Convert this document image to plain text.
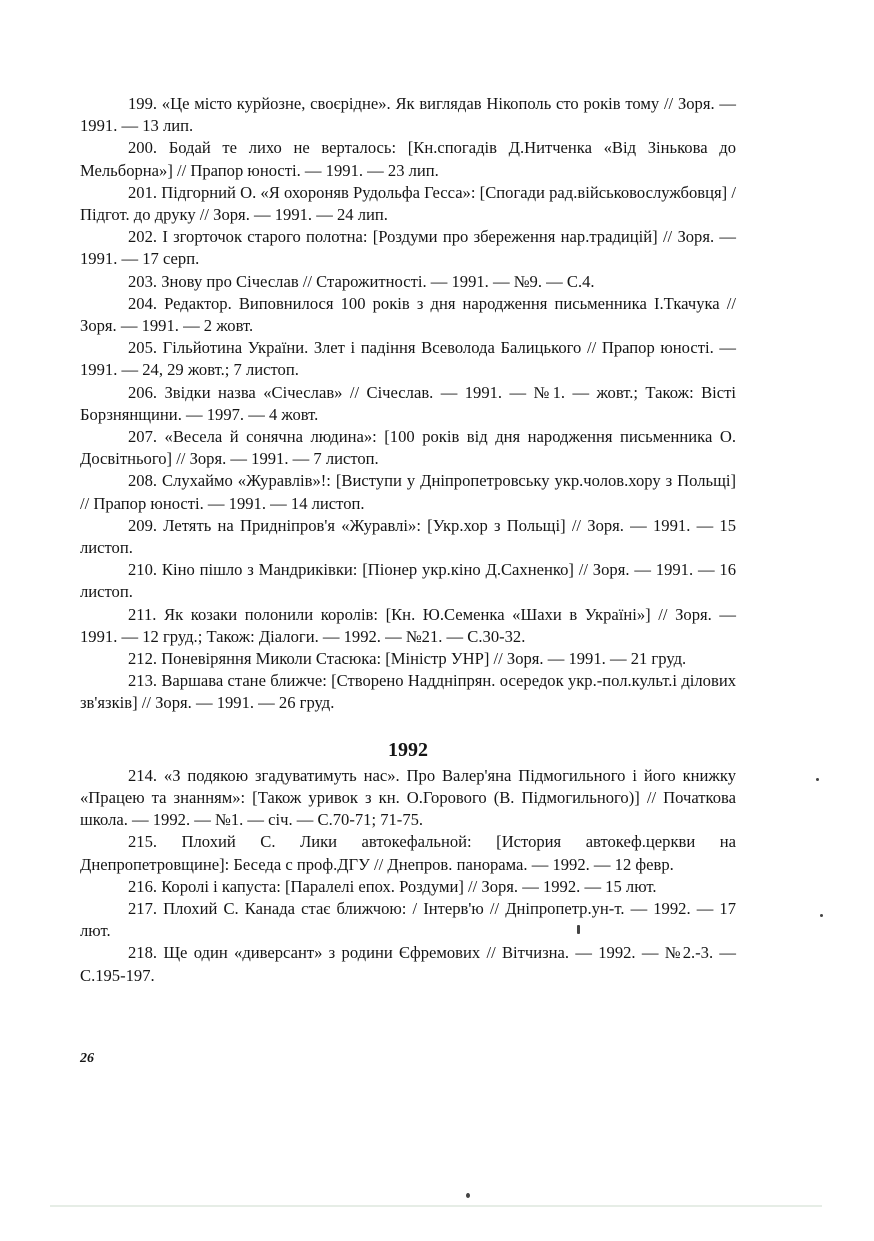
199. «Це місто курйозне, своєрідне». Як виглядав Нікополь сто років тому // Зоря. — 1991. — 13 лип.

200. Бодай те лихо не верталось: [Кн.спогадів Д.Нитченка «Від Зінькова до Мельборна»] // Прапор юності. — 1991. — 23 лип.

201. Підгорний О. «Я охороняв Рудольфа Гесса»: [Спогади рад.військовослужбовця] / Підгот. до друку // Зоря. — 1991. — 24 лип.

202. І згорточок старого полотна: [Роздуми про збереження нар.традицій] // Зоря. — 1991. — 17 серп.

203. Знову про Січеслав // Старожитності. — 1991. — №9. — С.4.

204. Редактор. Виповнилося 100 років з дня народження письменника І.Ткачука // Зоря. — 1991. — 2 жовт.

205. Гільйотина України. Злет і падіння Всеволода Балицького // Прапор юності. — 1991. — 24, 29 жовт.; 7 листоп.

206. Звідки назва «Січеслав» // Січеслав. — 1991. — №1. — жовт.; Також: Вісті Борзнянщини. — 1997. — 4 жовт.

207. «Весела й сонячна людина»: [100 років від дня народження письменника О. Досвітнього] // Зоря. — 1991. — 7 листоп.

208. Слухаймо «Журавлів»!: [Виступи у Дніпропетровську укр.чолов.хору з Польщі] // Прапор юності. — 1991. — 14 листоп.

209. Летять на Придніпров'я «Журавлі»: [Укр.хор з Польщі] // Зоря. — 1991. — 15 листоп.

210. Кіно пішло з Мандриківки: [Піонер укр.кіно Д.Сахненко] // Зоря. — 1991. — 16 листоп.

211. Як козаки полонили королів: [Кн. Ю.Семенка «Шахи в Україні»] // Зоря. — 1991. — 12 груд.; Також: Діалоги. — 1992. — №21. — С.30-32.

212. Поневіряння Миколи Стасюка: [Міністр УНР] // Зоря. — 1991. — 21 груд.

213. Варшава стане ближче: [Створено Наддніпрян. осередок укр.-пол.культ.і ділових зв'язків] // Зоря. — 1991. — 26 груд.

1992

214. «З подякою згадуватимуть нас». Про Валер'яна Підмогильного і його книжку «Працею та знанням»: [Також уривок з кн. О.Горового (В. Підмогильного)] // Початкова школа. — 1992. — №1. — січ. — С.70-71; 71-75.

215. Плохий С. Лики автокефальной: [История автокеф.церкви на Днепропетровщине]: Беседа с проф.ДГУ // Днепров. панорама. — 1992. — 12 февр.

216. Королі і капуста: [Паралелі епох. Роздуми] // Зоря. — 1992. — 15 лют.

217. Плохий С. Канада стає ближчою: / Інтерв'ю // Дніпропетр.ун-т. — 1992. — 17 лют.

218. Ще один «диверсант» з родини Єфремових // Вітчизна. — 1992. — №2.-3. — С.195-197.

26
